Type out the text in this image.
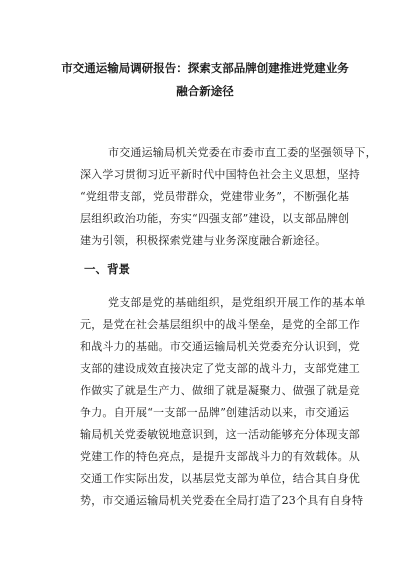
市交通运输局调研报告：探索支部品牌创建推进党建业务
融合新途径
市交通运输局机关党委在市委市直工委的坚强领导下，
深入学习贯彻习近平新时代中国特色社会主义思想，坚持
“党组带支部，党员带群众，党建带业务”，不断强化基
层组织政治功能，夯实“四强支部”建设，以支部品牌创
建为引领，积极探索党建与业务深度融合新途径。
一、背景
党支部是党的基础组织，是党组织开展工作的基本单
元，是党在社会基层组织中的战斗堡垒，是党的全部工作
和战斗力的基础。市交通运输局机关党委充分认识到，党
支部的建设成效直接决定了党支部的战斗力，支部党建工
作做实了就是生产力、做细了就是凝聚力、做强了就是竞
争力。自开展“一支部一品牌”创建活动以来，市交通运
输局机关党委敏锐地意识到，这一活动能够充分体现支部
党建工作的特色亮点，是提升支部战斗力的有效载体。从
交通工作实际出发，以基层党支部为单位，结合其自身优
势，市交通运输局机关党委在全局打造了23个具有自身特
